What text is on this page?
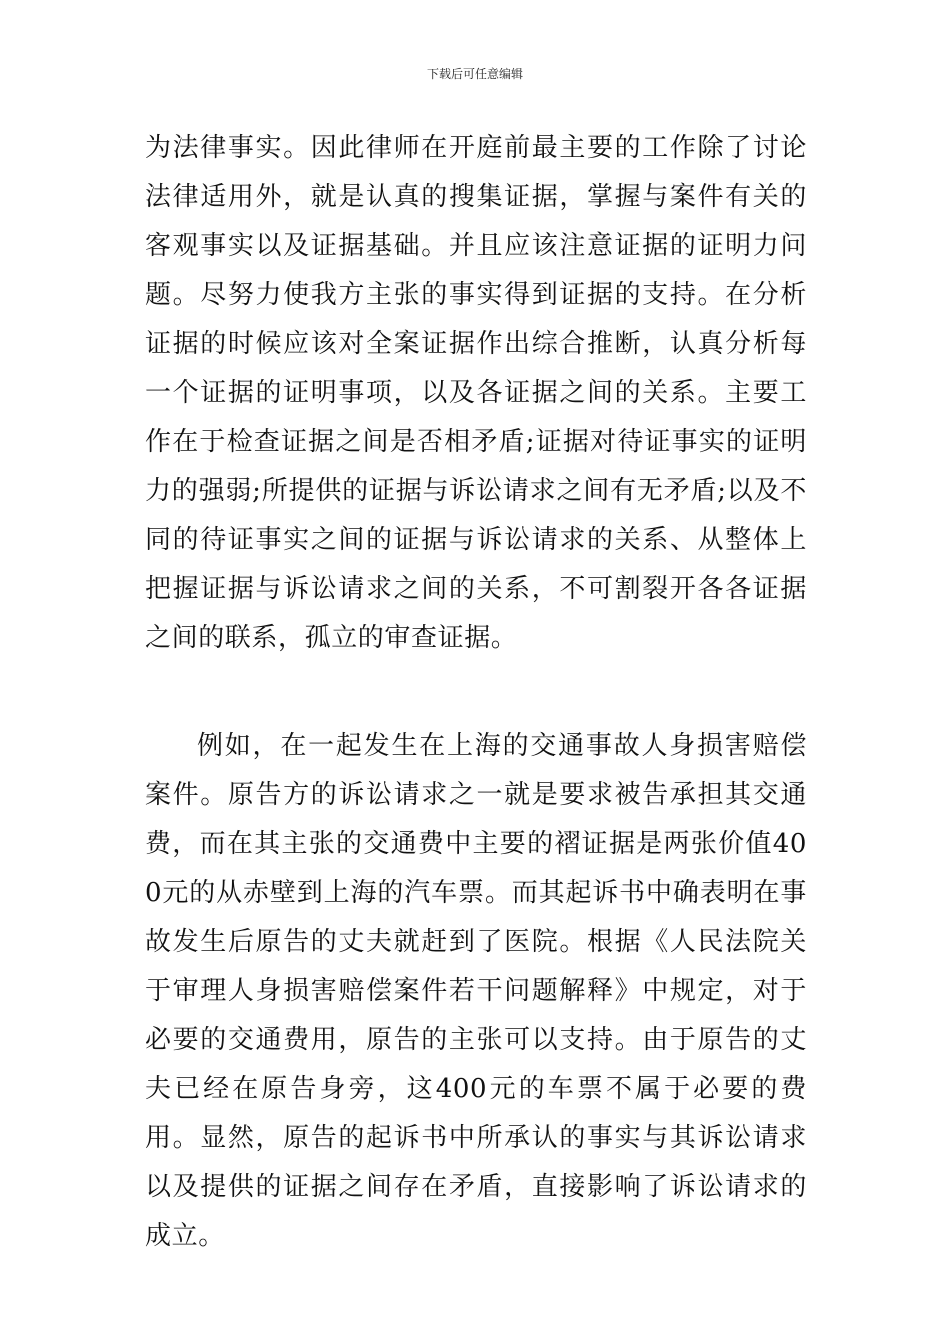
下载后可任意编辑

为法律事实。因此律师在开庭前最主要的工作除了讨论法律适用外，就是认真的搜集证据，掌握与案件有关的客观事实以及证据基础。并且应该注意证据的证明力问题。尽努力使我方主张的事实得到证据的支持。在分析证据的时候应该对全案证据作出综合推断，认真分析每一个证据的证明事项，以及各证据之间的关系。主要工作在于检查证据之间是否相矛盾;证据对待证事实的证明力的强弱;所提供的证据与诉讼请求之间有无矛盾;以及不同的待证事实之间的证据与诉讼请求的关系、从整体上把握证据与诉讼请求之间的关系，不可割裂开各各证据之间的联系，孤立的审查证据。

例如，在一起发生在上海的交通事故人身损害赔偿案件。原告方的诉讼请求之一就是要求被告承担其交通费，而在其主张的交通费中主要的褶证据是两张价值400元的从赤壁到上海的汽车票。而其起诉书中确表明在事故发生后原告的丈夫就赶到了医院。根据《人民法院关于审理人身损害赔偿案件若干问题解释》中规定，对于必要的交通费用，原告的主张可以支持。由于原告的丈夫已经在原告身旁，这400元的车票不属于必要的费用。显然，原告的起诉书中所承认的事实与其诉讼请求以及提供的证据之间存在矛盾，直接影响了诉讼请求的成立。
